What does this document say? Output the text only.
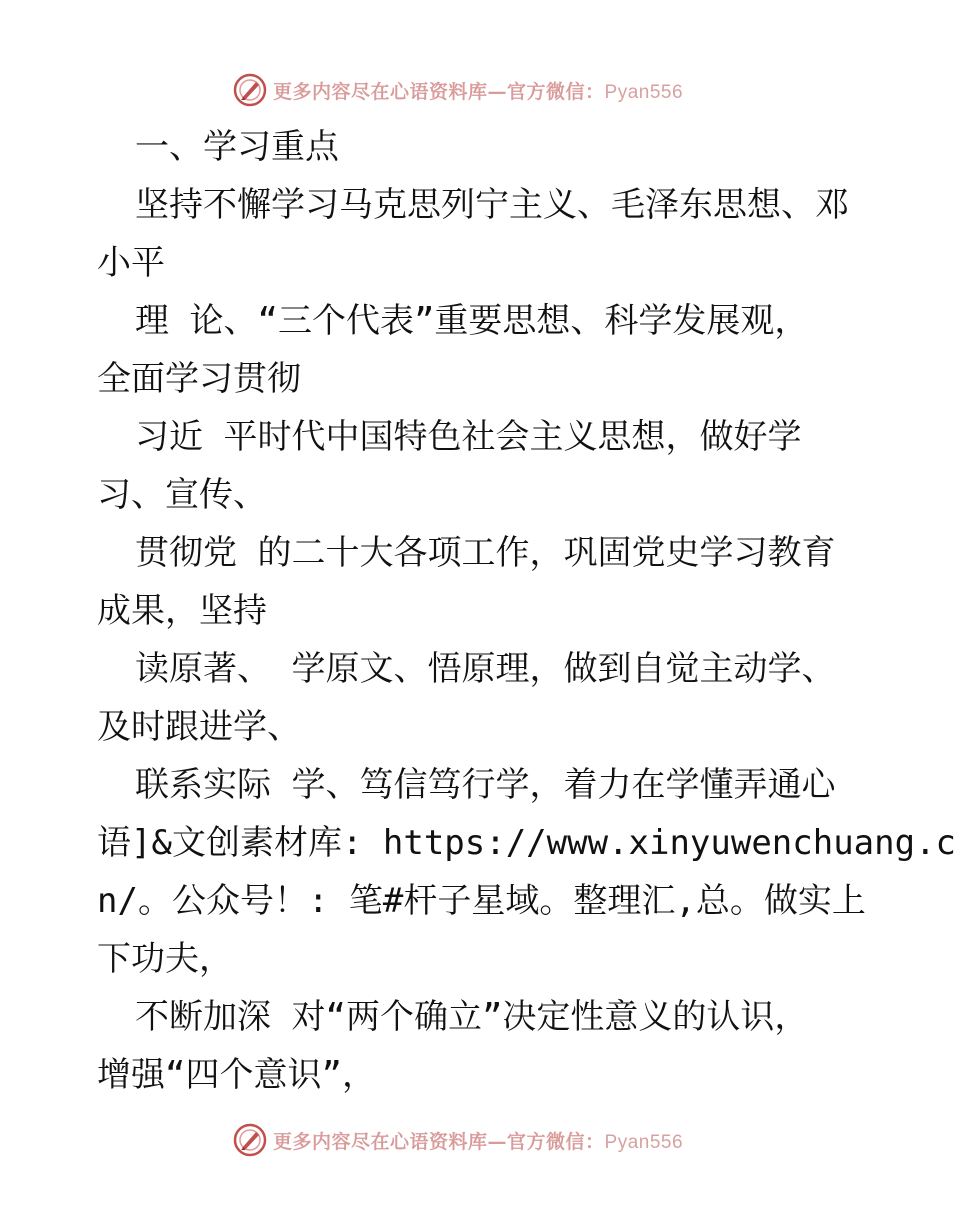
更多内容尽在心语资料库—官方微信：Pyan556
一、学习重点
坚持不懈学习马克思列宁主义、毛泽东思想、邓
小平
理 论、“三个代表”重要思想、科学发展观，
全面学习贯彻
习近 平时代中国特色社会主义思想，做好学
习、宣传、
贯彻党 的二十大各项工作，巩固党史学习教育
成果，坚持
读原著、 学原文、悟原理，做到自觉主动学、
及时跟进学、
联系实际 学、笃信笃行学，着力在学懂弄通心
语]&文创素材库: https://www.xinyuwenchuang.c
n/。公众号！: 笔#杆子星域。整理汇,总。做实上
下功夫，
不断加深 对“两个确立”决定性意义的认识，
增强“四个意识”，
更多内容尽在心语资料库—官方微信：Pyan556
